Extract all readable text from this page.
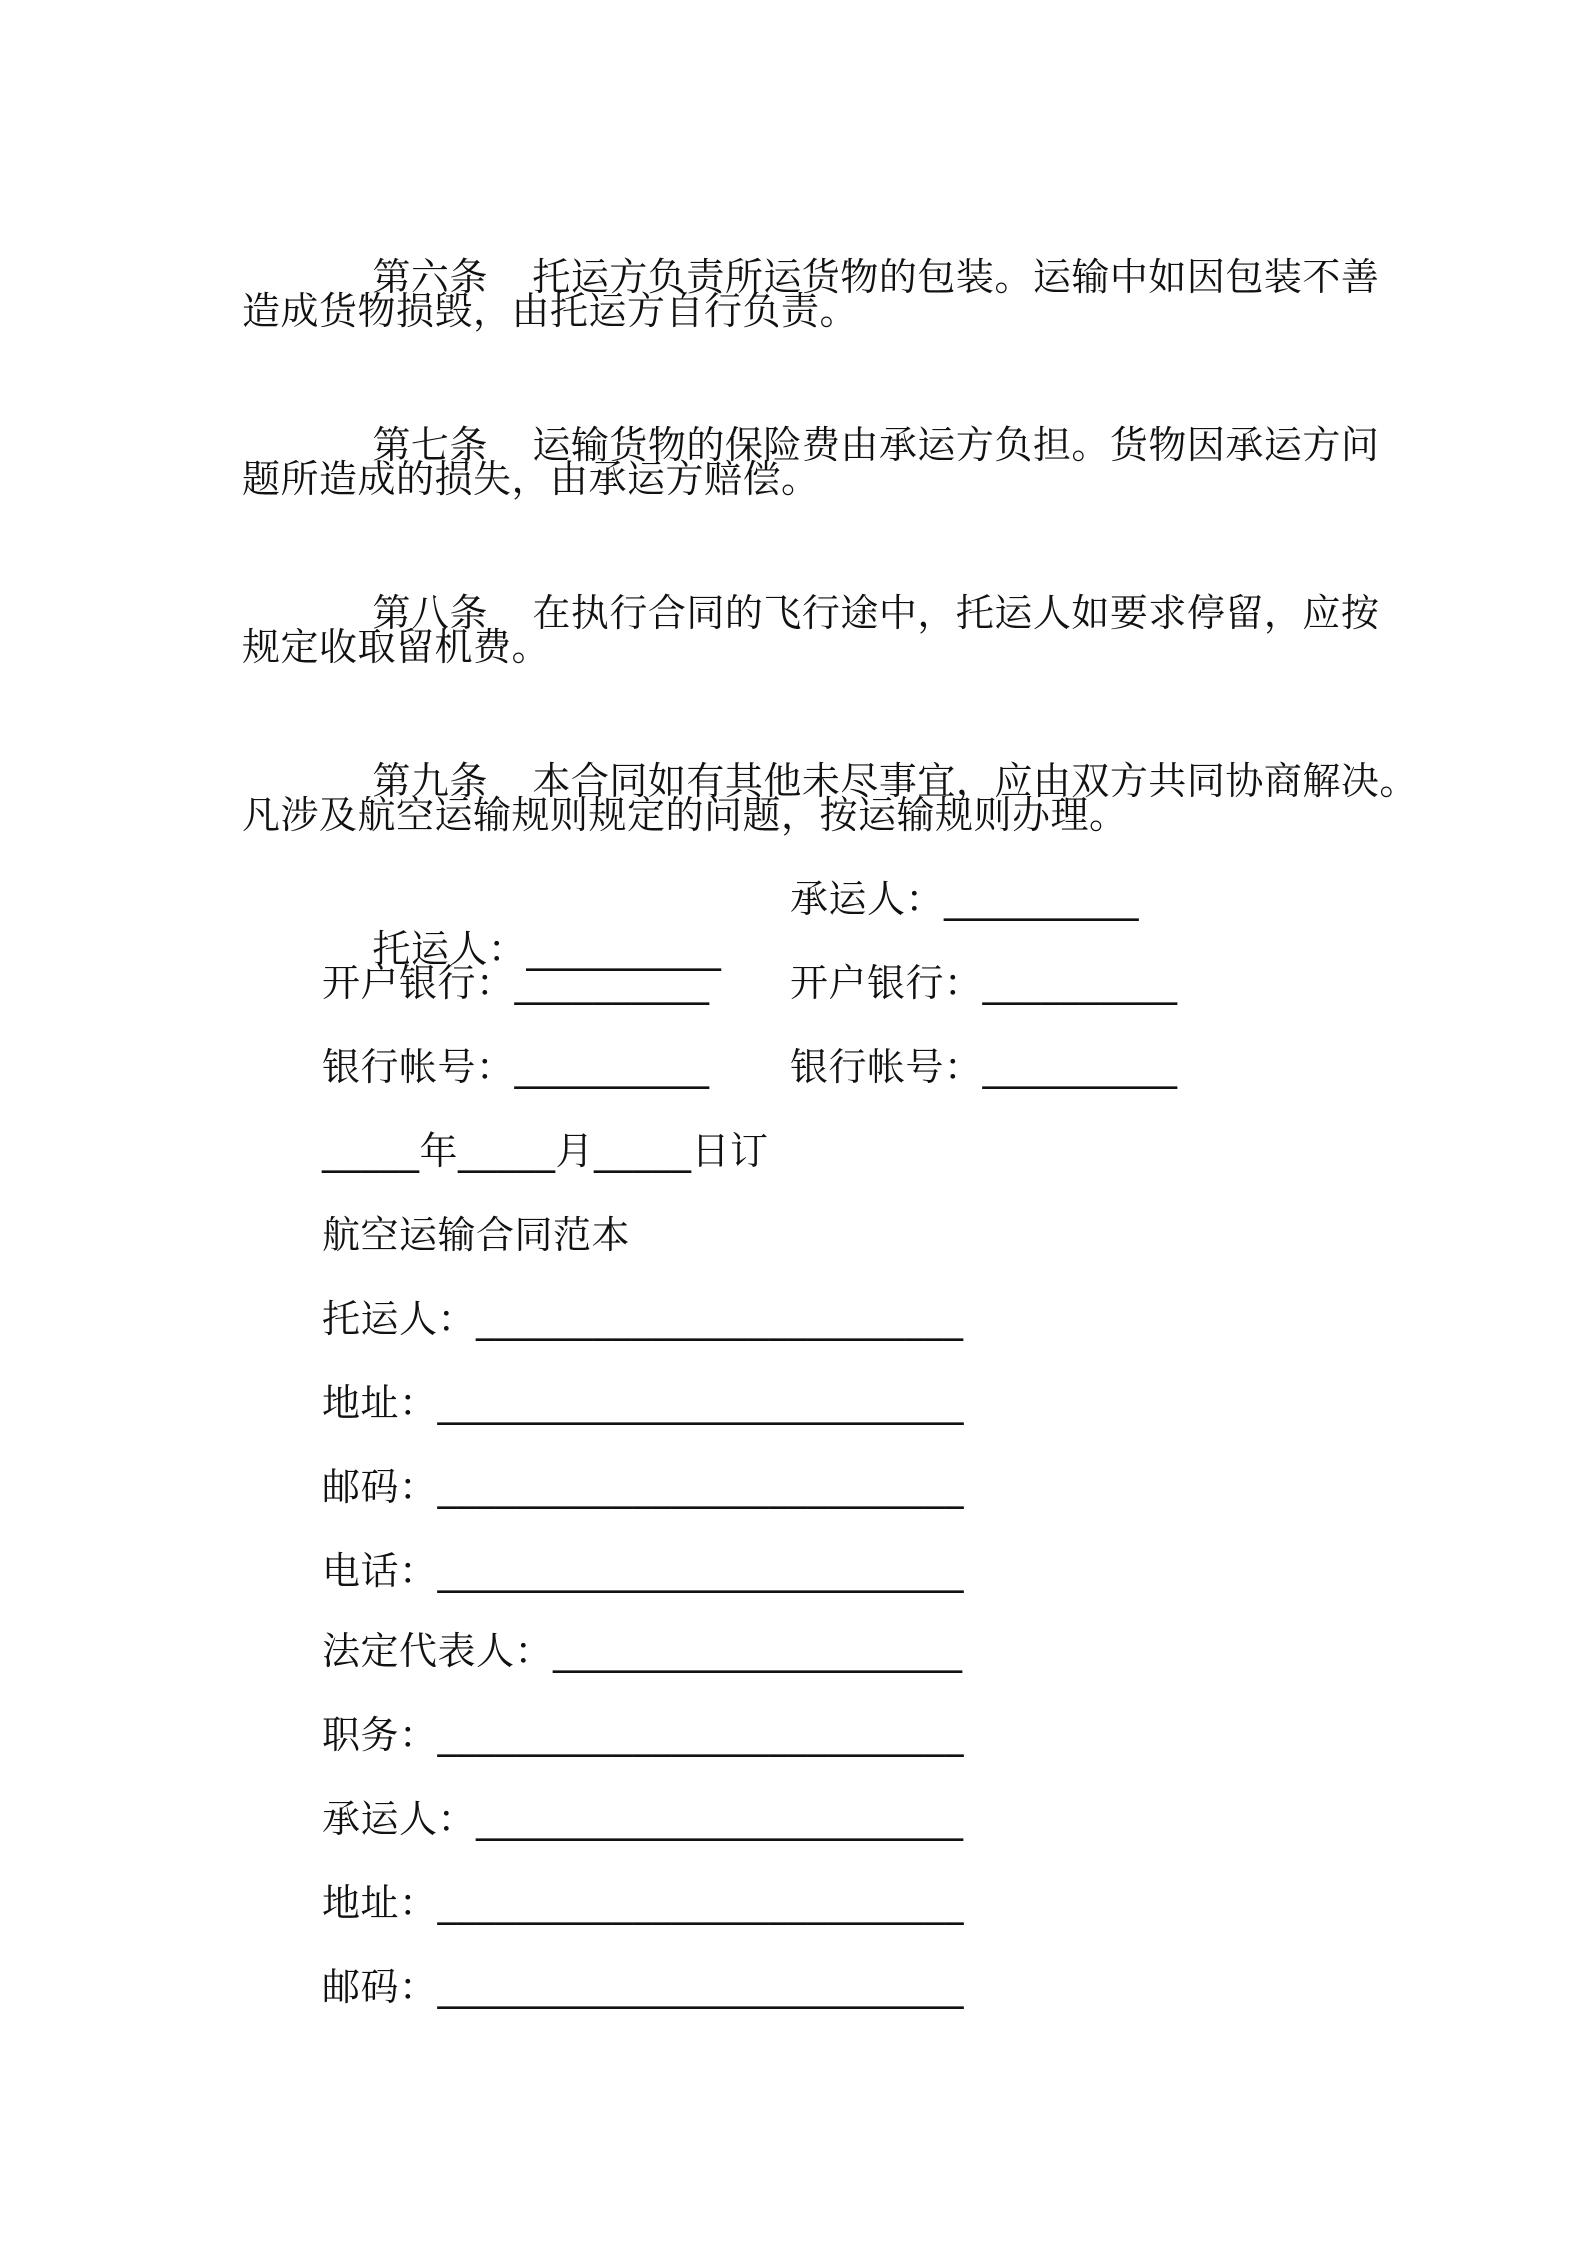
第六条 托运方负责所运货物的包装。运输中如因包装不善

造成货物损毁，由托运方自行负责。

第七条 运输货物的保险费由承运方负担。货物因承运方问

题所造成的损失，由承运方赔偿。

第八条 在执行合同的飞行途中，托运人如要求停留，应按

规定收取留机费。

第九条 本合同如有其他未尽事宜，应由双方共同协商解决。

凡涉及航空运输规则规定的问题，按运输规则办理。

托运人：__________

承运人：__________
开户银行：__________ 开户银行：__________
银行帐号：__________ 银行帐号：__________
_____年_____月_____日订
航空运输合同范本
托运人：_________________________
地址：___________________________
邮码：___________________________
电话：___________________________
法定代表人：_____________________
职务：___________________________
承运人：_________________________
地址：___________________________
邮码：___________________________
